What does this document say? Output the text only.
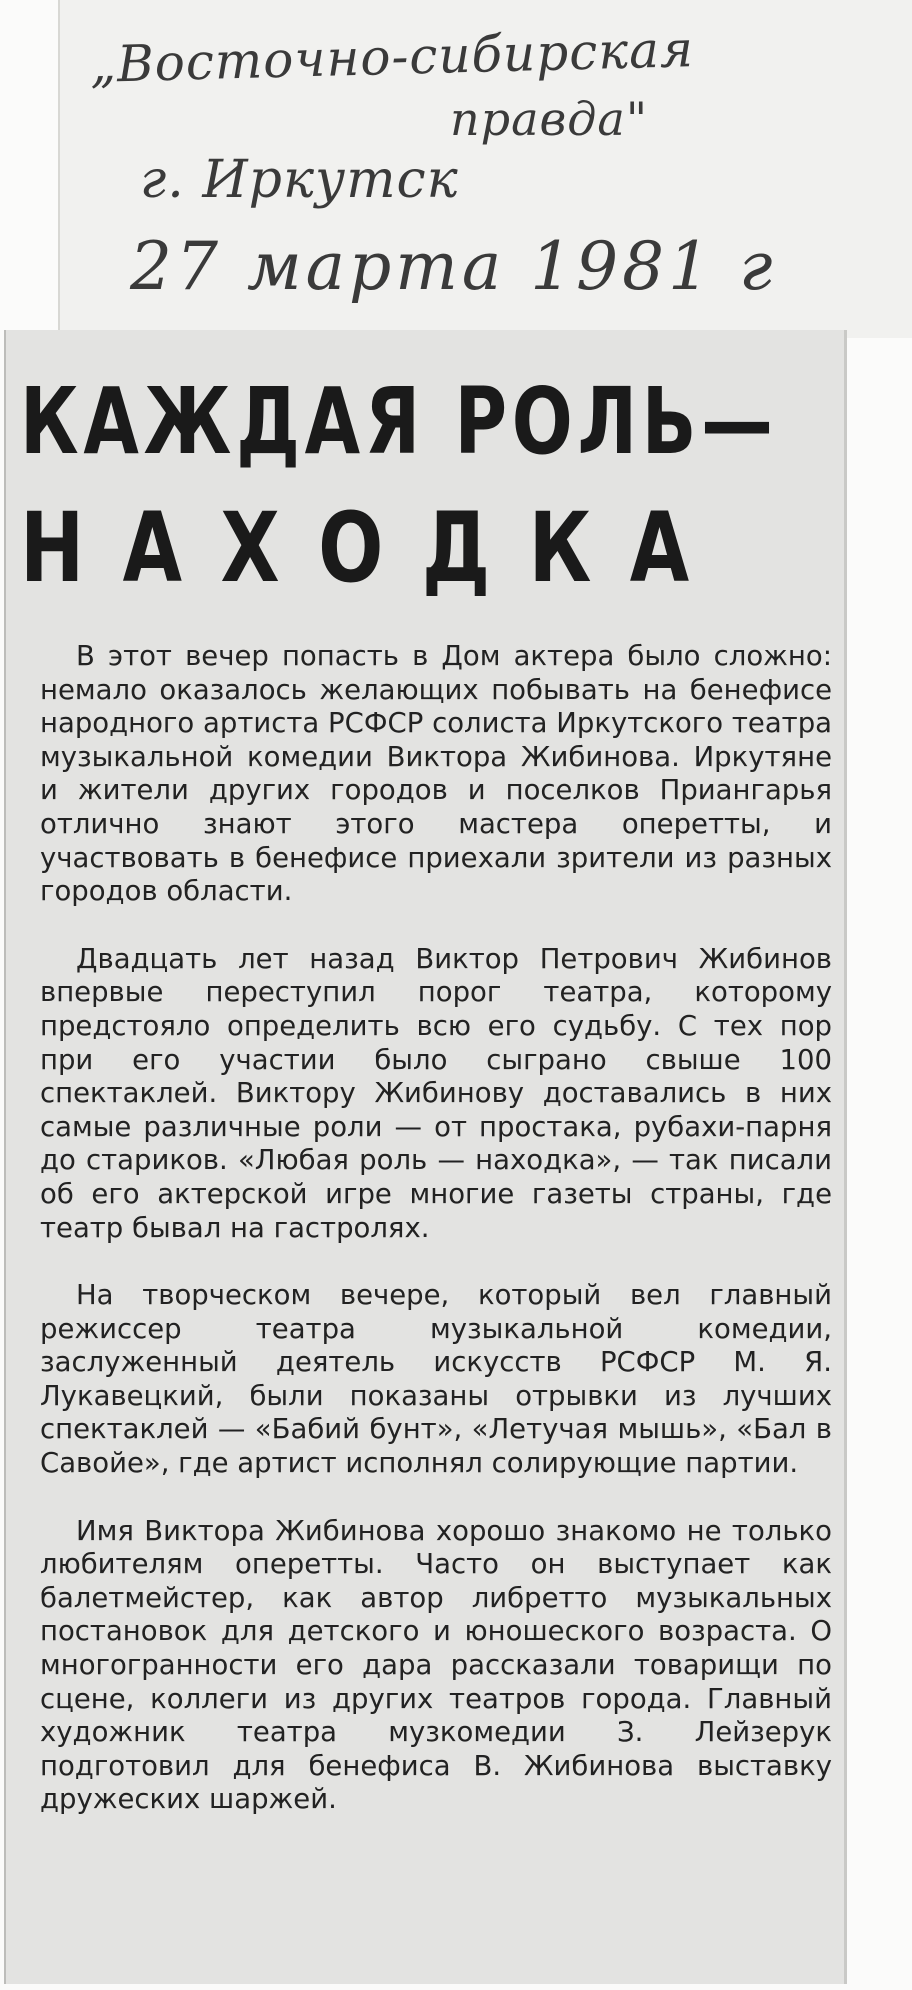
„Восточно-сибирская
правда"
г. Иркутск
27 марта 1981 г
КАЖДАЯ РОЛЬ—
НАХОДКА

В этот вечер попасть в Дом актера было сложно: немало оказалось желающих побывать на бенефисе народного артиста РСФСР солиста Иркутского театра музыкальной комедии Виктора Жибинова. Иркутяне и жители других городов и поселков Приангарья отлично знают этого мастера оперетты, и участвовать в бенефисе приехали зрители из разных городов области.

Двадцать лет назад Виктор Петрович Жибинов впервые переступил порог театра, которому предстояло определить всю его судьбу. С тех пор при его участии было сыграно свыше 100 спектаклей. Виктору Жибинову доставались в них самые различные роли — от простака, рубахи-парня до стариков. «Любая роль — находка», — так писали об его актерской игре многие газеты страны, где театр бывал на гастролях.

На творческом вечере, который вел главный режиссер театра музыкальной комедии, заслуженный деятель искусств РСФСР М. Я. Лукавецкий, были показаны отрывки из лучших спектаклей — «Бабий бунт», «Летучая мышь», «Бал в Савойе», где артист исполнял солирующие партии.

Имя Виктора Жибинова хорошо знакомо не только любителям оперетты. Часто он выступает как балетмейстер, как автор либретто музыкальных постановок для детского и юношеского возраста. О многогранности его дара рассказали товарищи по сцене, коллеги из других театров города. Главный художник театра музкомедии З. Лейзерук подготовил для бенефиса В. Жибинова выставку дружеских шаржей.
